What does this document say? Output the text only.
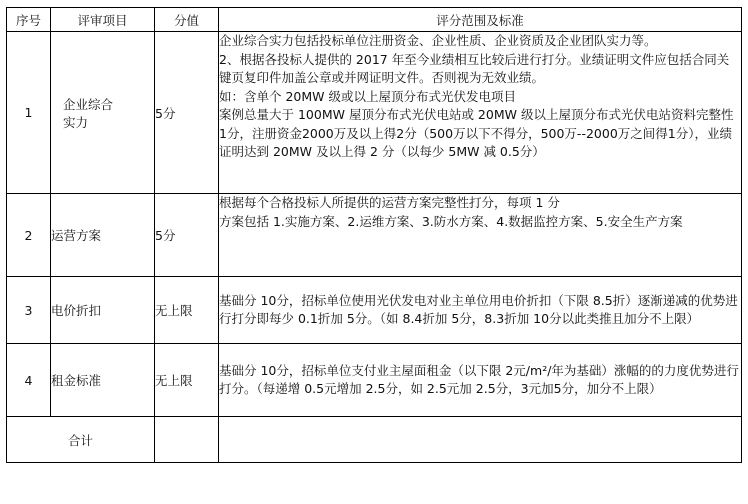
序号	评审项目	分值	评分范围及标准
1	企业综合实力	5分	企业综合实力包括投标单位注册资金、企业性质、企业资质及企业团队实力等。
2、根据各投标人提供的 2017 年至今业绩相互比较后进行打分。业绩证明文件应包括合同关键页复印件加盖公章或并网证明文件。否则视为无效业绩。
如：含单个 20MW 级或以上屋顶分布式光伏发电项目
案例总量大于 100MW 屋顶分布式光伏电站或 20MW 级以上屋顶分布式光伏电站资料完整性1分，注册资金2000万及以上得2分（500万以下不得分，500万--2000万之间得1分），业绩证明达到 20MW 及以上得 2 分（以每少 5MW 减 0.5分）

2	运营方案	5分	根据每个合格投标人所提供的运营方案完整性打分，每项 1 分
方案包括 1.实施方案、2.运维方案、3.防水方案、4.数据监控方案、5.安全生产方案

3	电价折扣	无上限	基础分 10分，招标单位使用光伏发电对业主单位用电价折扣（下限 8.5折）逐渐递减的优势进行打分即每少 0.1折加 5分。（如 8.4折加 5分，8.3折加 10分以此类推且加分不上限）

4	租金标准	无上限	基础分 10分，招标单位支付业主屋面租金（以下限 2元/m²/年为基础）涨幅的的力度优势进行打分。（每递增 0.5元增加 2.5分，如 2.5元加 2.5分，3元加5分，加分不上限）

合计			
